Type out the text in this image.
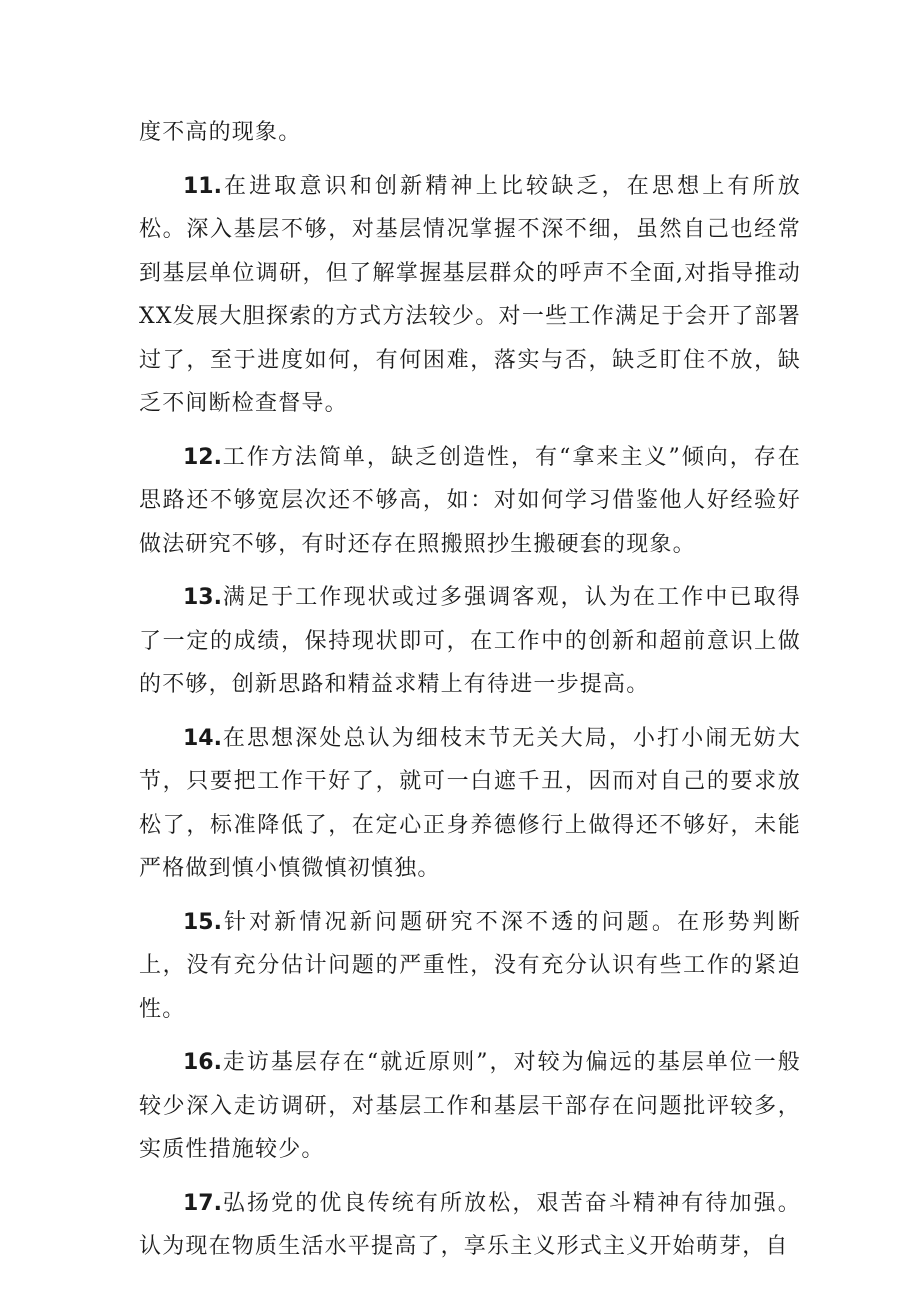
度不高的现象。

11.在进取意识和创新精神上比较缺乏，在思想上有所放松。深入基层不够，对基层情况掌握不深不细，虽然自己也经常到基层单位调研，但了解掌握基层群众的呼声不全面,对指导推动XX发展大胆探索的方式方法较少。对一些工作满足于会开了部署过了，至于进度如何，有何困难，落实与否，缺乏盯住不放，缺乏不间断检查督导。

12.工作方法简单，缺乏创造性，有“拿来主义”倾向，存在思路还不够宽层次还不够高，如：对如何学习借鉴他人好经验好做法研究不够，有时还存在照搬照抄生搬硬套的现象。

13.满足于工作现状或过多强调客观，认为在工作中已取得了一定的成绩，保持现状即可，在工作中的创新和超前意识上做的不够，创新思路和精益求精上有待进一步提高。

14.在思想深处总认为细枝末节无关大局，小打小闹无妨大节，只要把工作干好了，就可一白遮千丑，因而对自己的要求放松了，标准降低了，在定心正身养德修行上做得还不够好，未能严格做到慎小慎微慎初慎独。

15.针对新情况新问题研究不深不透的问题。在形势判断上，没有充分估计问题的严重性，没有充分认识有些工作的紧迫性。

16.走访基层存在“就近原则”，对较为偏远的基层单位一般较少深入走访调研，对基层工作和基层干部存在问题批评较多，实质性措施较少。

17.弘扬党的优良传统有所放松，艰苦奋斗精神有待加强。认为现在物质生活水平提高了，享乐主义形式主义开始萌芽，自
